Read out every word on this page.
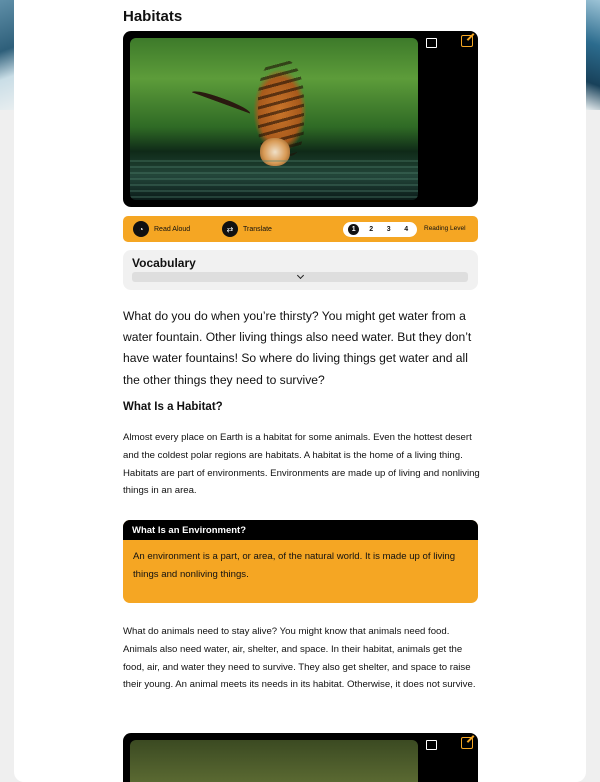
Habitats
◔	Read Aloud	⇄	Translate	1	2	3	4	Reading Level
Vocabulary

What do you do when you’re thirsty? You might get water from a water fountain. Other living things also need water. But they don’t have water fountains! So where do living things get water and all the other things they need to survive?

What Is a Habitat?

Almost every place on Earth is a habitat for some animals. Even the hottest desert and the coldest polar regions are habitats. A habitat is the home of a living thing. Habitats are part of environments. Environments are made up of living and nonliving things in an area.

What Is an Environment?
An environment is a part, or area, of the natural world. It is made up of living things and nonliving things.

What do animals need to stay alive? You might know that animals need food. Animals also need water, air, shelter, and space. In their habitat, animals get the food, air, and water they need to survive. They also get shelter, and space to raise their young. An animal meets its needs in its habitat. Otherwise, it does not survive.
